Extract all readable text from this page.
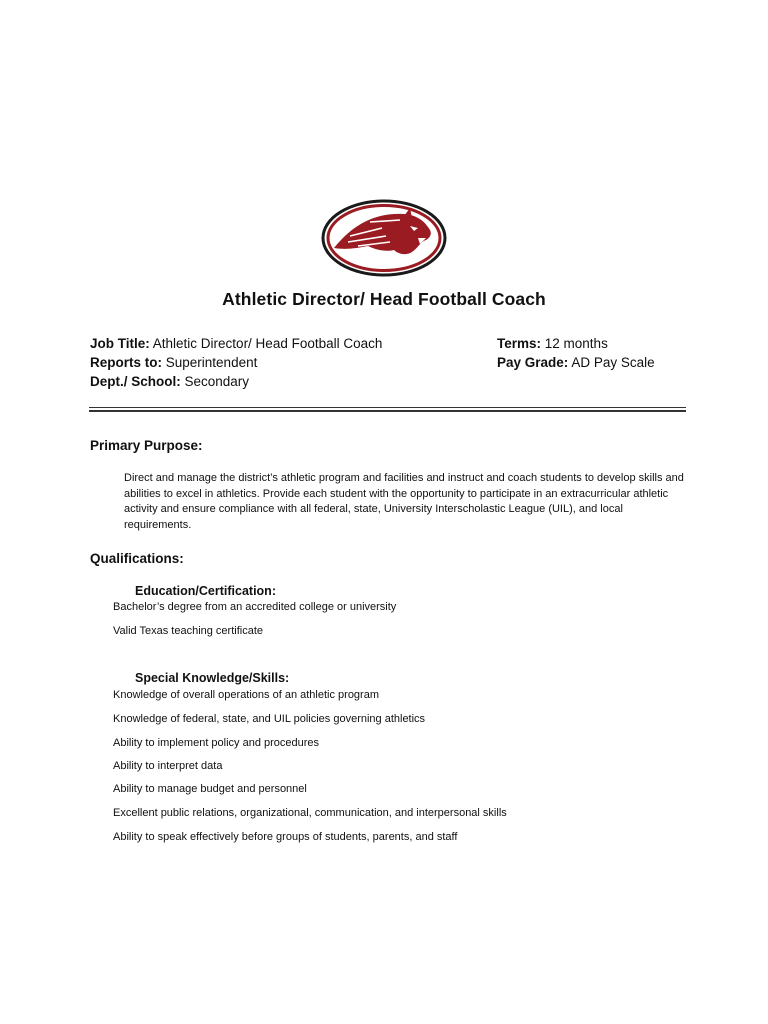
Athletic Director/ Head Football Coach
Job Title: Athletic Director/ Head Football Coach
Reports to: Superintendent
Dept./ School: Secondary
Terms: 12 months
Pay Grade: AD Pay Scale
Primary Purpose:
Direct and manage the district’s athletic program and facilities and instruct and coach students to develop skills and abilities to excel in athletics. Provide each student with the opportunity to participate in an extracurricular athletic activity and ensure compliance with all federal, state, University Interscholastic League (UIL), and local requirements.
Qualifications:
Education/Certification:
Bachelor’s degree from an accredited college or university
Valid Texas teaching certificate
Special Knowledge/Skills:
Knowledge of overall operations of an athletic program
Knowledge of federal, state, and UIL policies governing athletics
Ability to implement policy and procedures
Ability to interpret data
Ability to manage budget and personnel
Excellent public relations, organizational, communication, and interpersonal skills
Ability to speak effectively before groups of students, parents, and staff
